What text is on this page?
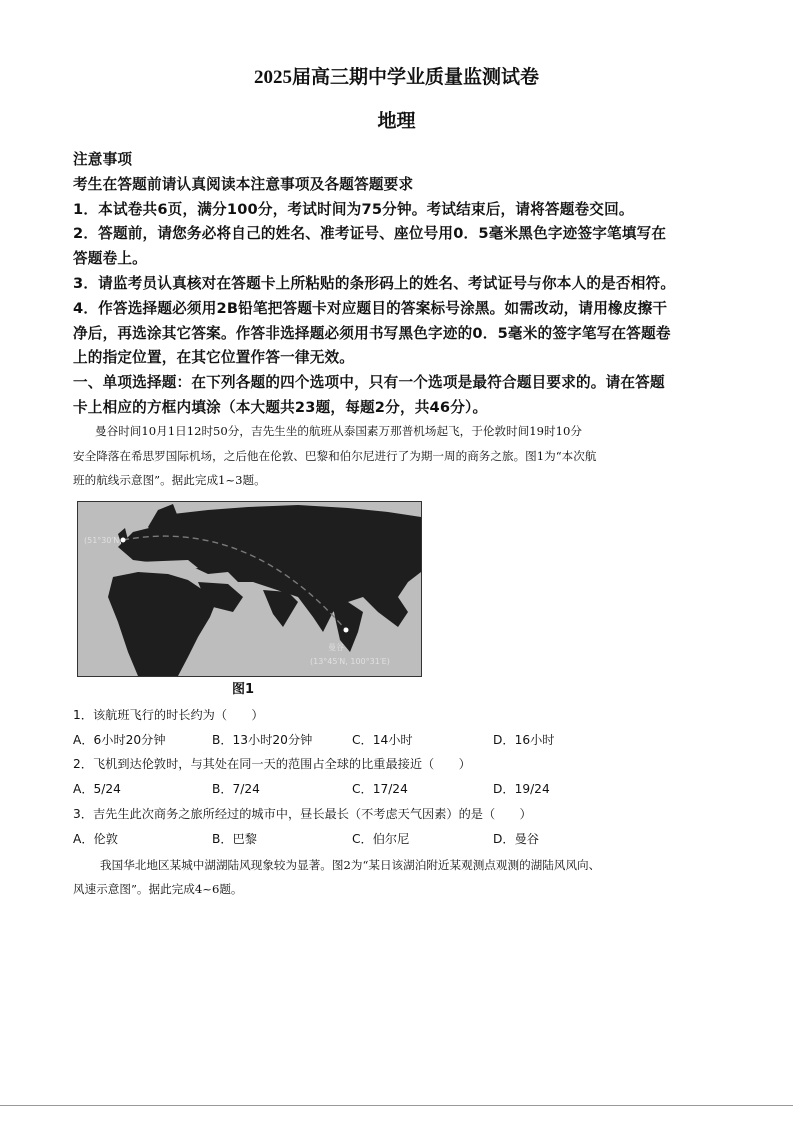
2025届高三期中学业质量监测试卷
地理
注意事项
考生在答题前请认真阅读本注意事项及各题答题要求
1．本试卷共6页，满分100分，考试时间为75分钟。考试结束后，请将答题卷交回。
2．答题前，请您务必将自己的姓名、准考证号、座位号用0．5毫米黑色字迹签字笔填写在
答题卷上。
3．请监考员认真核对在答题卡上所粘贴的条形码上的姓名、考试证号与你本人的是否相符。
4．作答选择题必须用2B铅笔把答题卡对应题目的答案标号涂黑。如需改动，请用橡皮擦干
净后，再选涂其它答案。作答非选择题必须用书写黑色字迹的0．5毫米的签字笔写在答题卷
上的指定位置，在其它位置作答一律无效。
一、单项选择题：在下列各题的四个选项中，只有一个选项是最符合题目要求的。请在答题
卡上相应的方框内填涂（本大题共23题，每题2分，共46分）。
曼谷时间10月1日12时50分，吉先生坐的航班从泰国素万那普机场起飞，于伦敦时间19时10分
安全降落在希思罗国际机场，之后他在伦敦、巴黎和伯尔尼进行了为期一周的商务之旅。图1为“本次航
班的航线示意图”。据此完成1~3题。
(51°30′N,
曼谷
(13°45′N, 100°31′E)
图1
1．该航班飞行的时长约为（　　）
A．6小时20分钟	B．13小时20分钟	C．14小时	D．16小时
2．飞机到达伦敦时，与其处在同一天的范围占全球的比重最接近（　　）
A．5/24	B．7/24	C．17/24	D．19/24
3．吉先生此次商务之旅所经过的城市中，昼长最长（不考虑天气因素）的是（　　）
A．伦敦	B．巴黎	C．伯尔尼	D．曼谷
我国华北地区某城中湖湖陆风现象较为显著。图2为“某日该湖泊附近某观测点观测的湖陆风风向、
风速示意图”。据此完成4~6题。
